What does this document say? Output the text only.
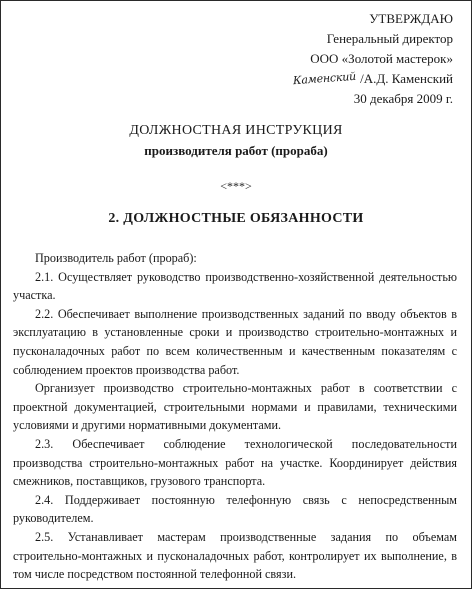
УТВЕРЖДАЮ
Генеральный директор
ООО «Золотой мастерок»
Каменский /А.Д. Каменский
30 декабря 2009 г.
ДОЛЖНОСТНАЯ ИНСТРУКЦИЯ
производителя работ (прораба)
<***>
2. ДОЛЖНОСТНЫЕ ОБЯЗАННОСТИ

Производитель работ (прораб):

2.1. Осуществляет руководство производственно-хозяйственной деятельностью участка.

2.2. Обеспечивает выполнение производственных заданий по вводу объектов в эксплуатацию в установленные сроки и производство строительно-монтажных и пусконаладочных работ по всем количественным и качественным показателям с соблюдением проектов производства работ.

Организует производство строительно-монтажных работ в соответствии с проектной документацией, строительными нормами и правилами, техническими условиями и другими нормативными документами.

2.3. Обеспечивает соблюдение технологической последовательности производства строительно-монтажных работ на участке. Координирует действия смежников, поставщиков, грузового транспорта.

2.4. Поддерживает постоянную телефонную связь с непосредственным руководителем.

2.5. Устанавливает мастерам производственные задания по объемам строительно-монтажных и пусконаладочных работ, контролирует их выполнение, в том числе посредством постоянной телефонной связи.
